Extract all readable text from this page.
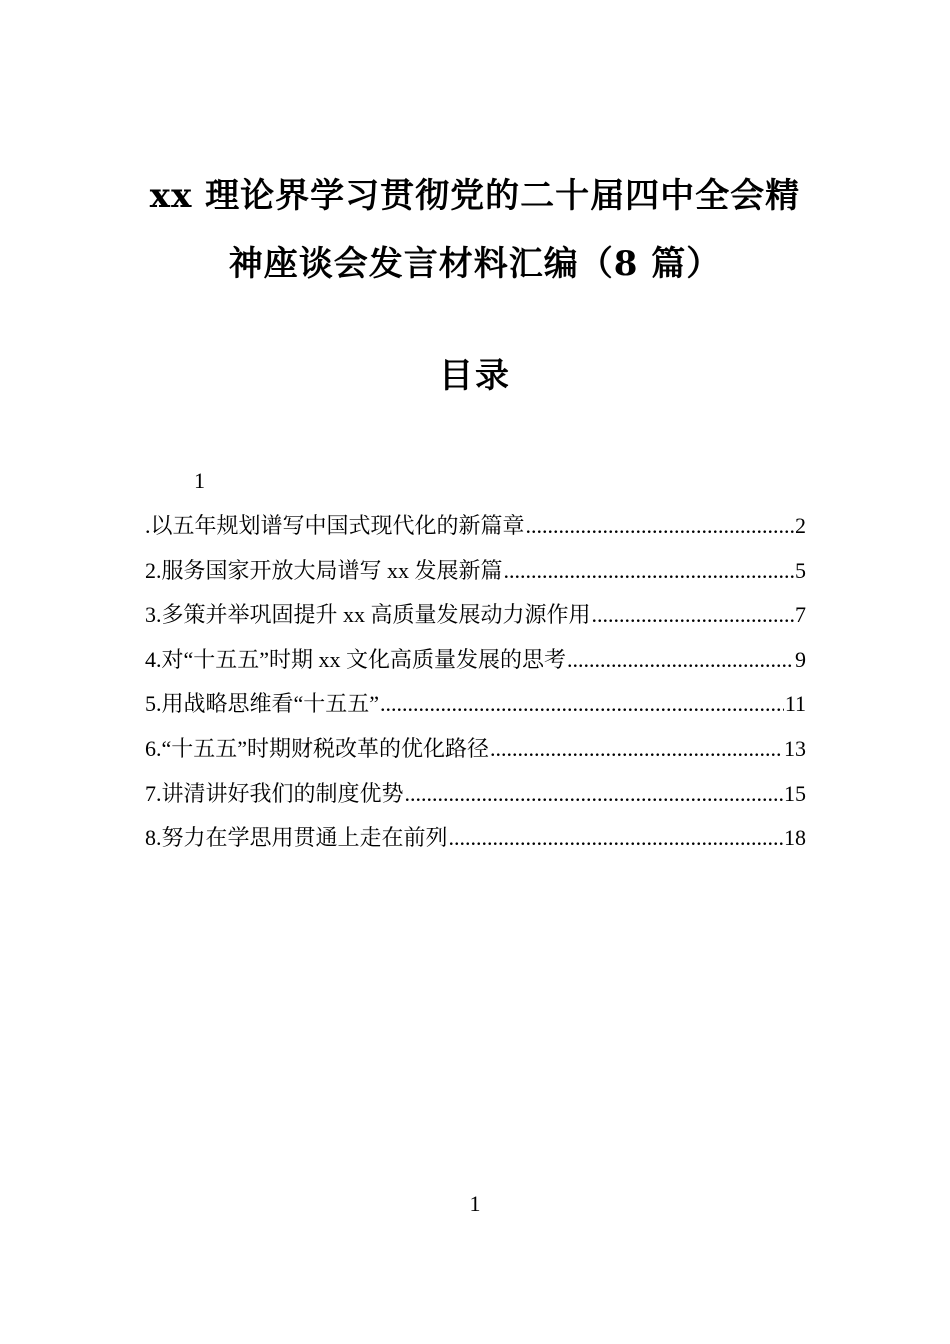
xx 理论界学习贯彻党的二十届四中全会精
神座谈会发言材料汇编（8 篇）
目录
1
.以五年规划谱写中国式现代化的新篇章 .....	2
2.服务国家开放大局谱写 xx 发展新篇 .....	5
3.多策并举巩固提升 xx 高质量发展动力源作用 .....	7
4.对“十五五”时期 xx 文化高质量发展的思考 .....	9
5.用战略思维看“十五五” .....	11
6.“十五五”时期财税改革的优化路径 .....	13
7.讲清讲好我们的制度优势 .....	15
8.努力在学思用贯通上走在前列 .....	18
1
